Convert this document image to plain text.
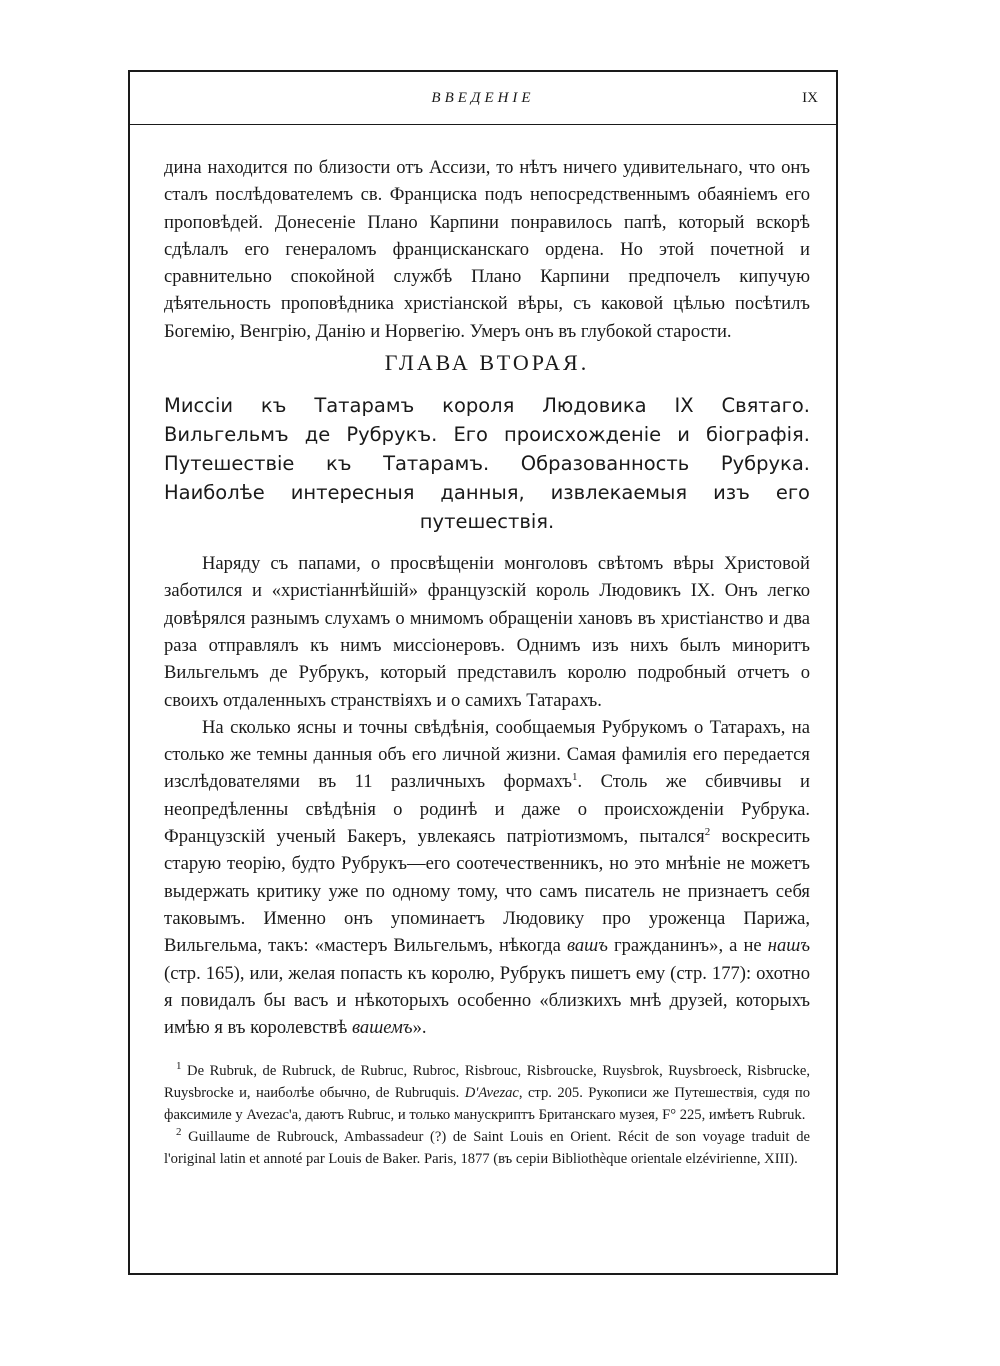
ВВЕДЕНІЕ	IX

дина находится по близости отъ Ассизи, то нѣтъ ничего удивительнаго, что онъ сталъ послѣдователемъ св. Франциска подъ непосредственнымъ обаяніемъ его проповѣдей. Донесеніе Плано Карпини понравилось папѣ, который вскорѣ сдѣлалъ его генераломъ францисканскаго ордена. Но этой почетной и сравнительно спокойной службѣ Плано Карпини предпочелъ кипучую дѣятельность проповѣдника христіанской вѣры, съ каковой цѣлью посѣтилъ Богемію, Венгрію, Данію и Норвегію. Умеръ онъ въ глубокой старости.

ГЛАВА ВТОРАЯ.
Миссіи къ Татарамъ короля Людовика IX Святаго. Вильгельмъ де Рубрукъ. Его происхожденіе и біографія. Путешествіе къ Татарамъ. Образованность Рубрука. Наиболѣе интересныя данныя, извлекаемыя изъ его путешествія.

Наряду съ папами, о просвѣщеніи монголовъ свѣтомъ вѣры Христовой заботился и «христіаннѣйшій» французскій король Людовикъ IX. Онъ легко довѣрялся разнымъ слухамъ о мнимомъ обращеніи хановъ въ христіанство и два раза отправлялъ къ нимъ миссіонеровъ. Однимъ изъ нихъ былъ миноритъ Вильгельмъ де Рубрукъ, который представилъ королю подробный отчетъ о своихъ отдаленныхъ странствіяхъ и о самихъ Татарахъ.

На сколько ясны и точны свѣдѣнія, сообщаемыя Рубрукомъ о Татарахъ, на столько же темны данныя объ его личной жизни. Самая фамилія его передается изслѣдователями въ 11 различныхъ формахъ$^1$. Столь же сбивчивы и неопредѣленны свѣдѣнія о родинѣ и даже о происхожденіи Рубрука. Французскій ученый Бакеръ, увлекаясь патріотизмомъ, пытался$^2$ воскресить старую теорію, будто Рубрукъ—его соотечественникъ, но это мнѣніе не можетъ выдержать критику уже по одному тому, что самъ писатель не признаетъ себя таковымъ. Именно онъ упоминаетъ Людовику про уроженца Парижа, Вильгельма, такъ: «мастеръ Вильгельмъ, нѣкогда вашъ гражданинъ», а не нашъ (стр. 165), или, желая попасть къ королю, Рубрукъ пишетъ ему (стр. 177): охотно я повидалъ бы васъ и нѣкоторыхъ особенно «близкихъ мнѣ друзей, которыхъ имѣю я въ королевствѣ вашемъ».

$^1$ De Rubruk, de Rubruck, de Rubruc, Rubroc, Risbrouc, Risbroucke, Ruysbrok, Ruysbroeck, Risbrucke, Ruysbrocke и, наиболѣе обычно, de Rubruquis. D'Avezac, стр. 205. Рукописи же Путешествія, судя по факсимиле у Avezac'а, даютъ Rubruc, и только манускриптъ Британскаго музея, F° 225, имѣетъ Rubruk.

$^2$ Guillaume de Rubrouck, Ambassadeur (?) de Saint Louis en Orient. Récit de son voyage traduit de l'original latin et annoté par Louis de Baker. Paris, 1877 (въ серіи Bibliothèque orientale elzévirienne, XIII).
